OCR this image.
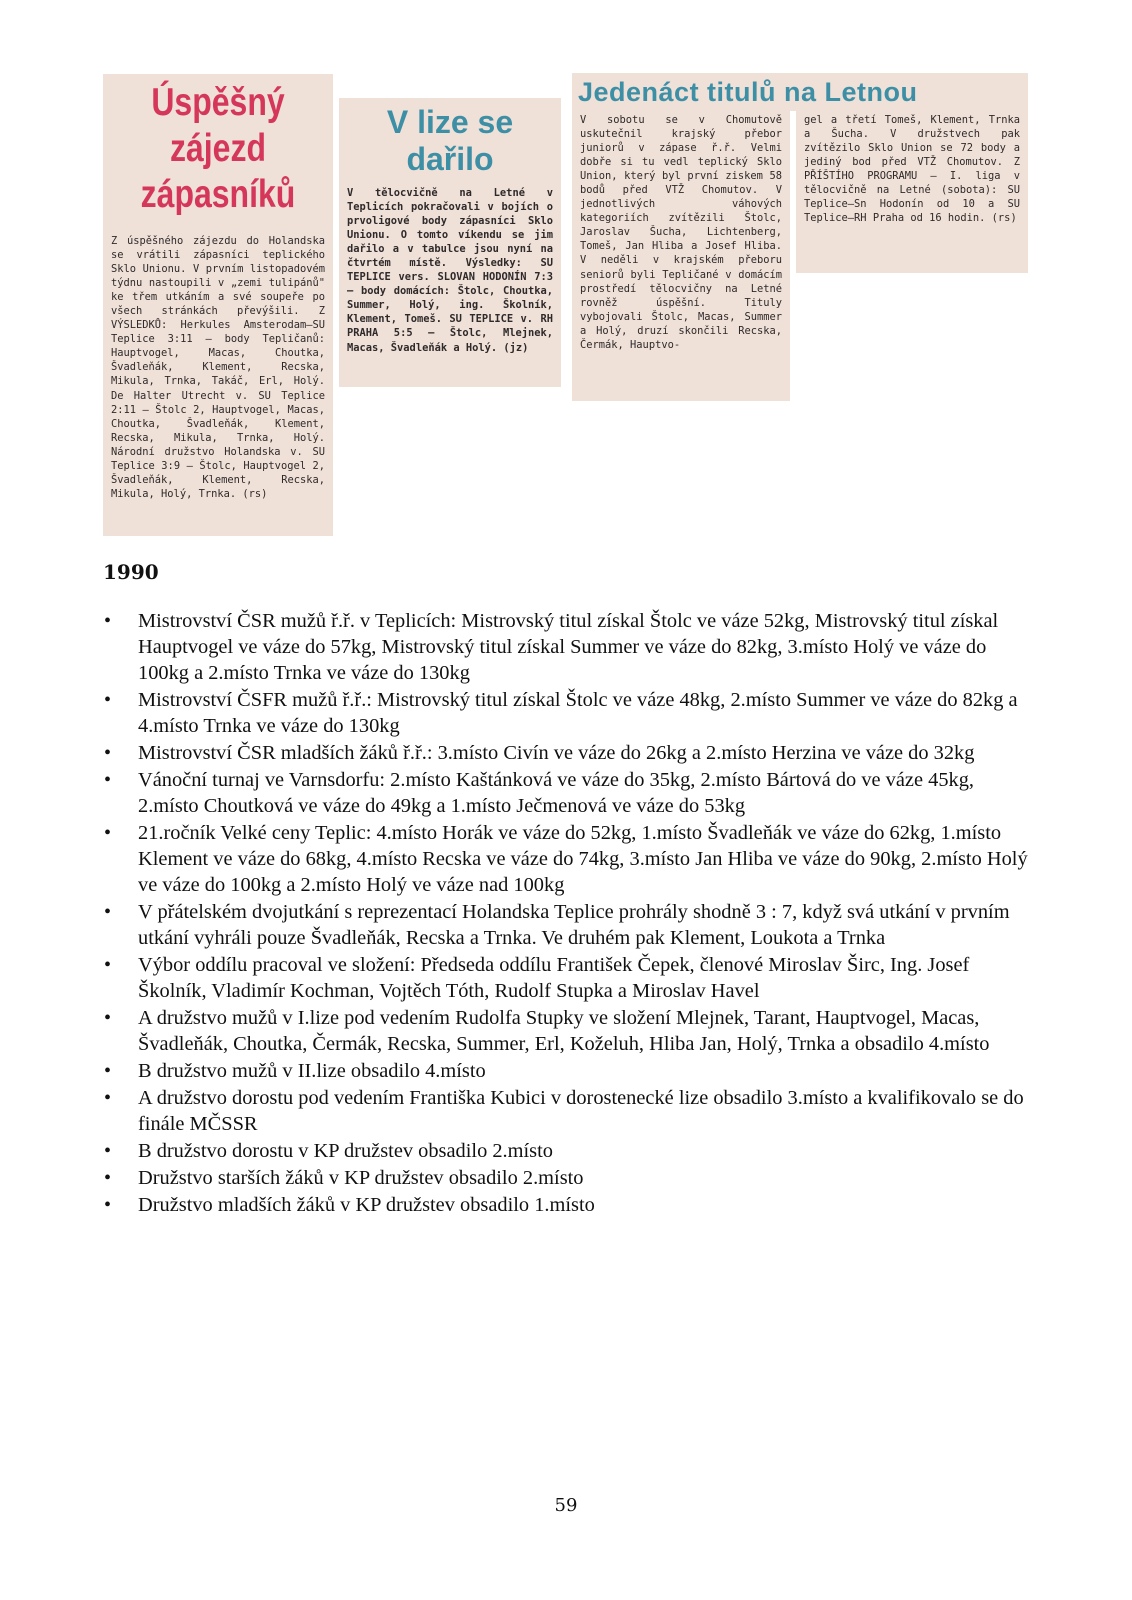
Úspěšný zájezd zápasníků

Z úspěšného zájezdu do Holandska se vrátili zápasníci teplického Sklo Unionu. V prvním listopadovém týdnu nastoupili v „zemi tulipánů" ke třem utkáním a své soupeře po všech stránkách převýšili. Z VÝSLEDKŮ: Herkules Amsterodam—SU Teplice 3:11 — body Tepličanů: Hauptvogel, Macas, Choutka, Švadleňák, Klement, Recska, Mikula, Trnka, Takáč, Erl, Holý. De Halter Utrecht v. SU Teplice 2:11 — Štolc 2, Hauptvogel, Macas, Choutka, Švadleňák, Klement, Recska, Mikula, Trnka, Holý. Národní družstvo Holandska v. SU Teplice 3:9 — Štolc, Hauptvogel 2, Švadleňák, Klement, Recska, Mikula, Holý, Trnka. (rs)

V lize se dařilo

V tělocvičně na Letné v Teplicích pokračovali v bojích o prvoligové body zápasníci Sklo Unionu. O tomto víkendu se jim dařilo a v tabulce jsou nyní na čtvrtém místě. Výsledky: SU TEPLICE vers. SLOVAN HODONÍN 7:3 — body domácích: Štolc, Choutka, Summer, Holý, ing. Školník, Klement, Tomeš. SU TEPLICE v. RH PRAHA 5:5 — Štolc, Mlejnek, Macas, Švadleňák a Holý. (jz)

Jedenáct titulů na Letnou

V sobotu se v Chomutově uskutečnil krajský přebor juniorů v zápase ř.ř. Velmi dobře si tu vedl teplický Sklo Union, který byl první ziskem 58 bodů před VTŽ Chomutov. V jednotlivých váhových kategoriích zvítězili Štolc, Jaroslav Šucha, Lichtenberg, Tomeš, Jan Hliba a Josef Hliba. V neděli v krajském přeboru seniorů byli Tepličané v domácím prostředí tělocvičny na Letné rovněž úspěšní. Tituly vybojovali Štolc, Macas, Summer a Holý, druzí skončili Recska, Čermák, Hauptvo-
gel a třetí Tomeš, Klement, Trnka a Šucha. V družstvech pak zvítězilo Sklo Union se 72 body a jediný bod před VTŽ Chomutov. Z PŘÍŠTÍHO PROGRAMU — I. liga v tělocvičně na Letné (sobota): SU Teplice—Sn Hodonín od 10 a SU Teplice—RH Praha od 16 hodin. (rs)
1990
• Mistrovství ČSR mužů ř.ř. v Teplicích: Mistrovský titul získal Štolc ve váze 52kg, Mistrovský titul získal Hauptvogel ve váze do 57kg, Mistrovský titul získal Summer ve váze do 82kg, 3.místo Holý ve váze do 100kg a 2.místo Trnka ve váze do 130kg
• Mistrovství ČSFR mužů ř.ř.: Mistrovský titul získal Štolc ve váze 48kg, 2.místo Summer ve váze do 82kg a 4.místo Trnka ve váze do 130kg
• Mistrovství ČSR mladších žáků ř.ř.: 3.místo Civín ve váze do 26kg a 2.místo Herzina ve váze do 32kg
• Vánoční turnaj ve Varnsdorfu: 2.místo Kaštánková ve váze do 35kg, 2.místo Bártová do ve váze 45kg, 2.místo Choutková ve váze do 49kg a 1.místo Ječmenová ve váze do 53kg
• 21.ročník Velké ceny Teplic: 4.místo Horák ve váze do 52kg, 1.místo Švadleňák ve váze do 62kg, 1.místo Klement ve váze do 68kg, 4.místo Recska ve váze do 74kg, 3.místo Jan Hliba ve váze do 90kg, 2.místo Holý ve váze do 100kg a 2.místo Holý ve váze nad 100kg
• V přátelském dvojutkání s reprezentací Holandska Teplice prohrály shodně 3 : 7, když svá utkání v prvním utkání vyhráli pouze Švadleňák, Recska a Trnka. Ve druhém pak Klement, Loukota a Trnka
• Výbor oddílu pracoval ve složení: Předseda oddílu František Čepek, členové Miroslav Širc, Ing. Josef Školník, Vladimír Kochman, Vojtěch Tóth, Rudolf Stupka a Miroslav Havel
• A družstvo mužů v I.lize pod vedením Rudolfa Stupky ve složení Mlejnek, Tarant, Hauptvogel, Macas, Švadleňák, Choutka, Čermák, Recska, Summer, Erl, Koželuh, Hliba Jan, Holý, Trnka a obsadilo 4.místo
• B družstvo mužů v II.lize obsadilo 4.místo
• A družstvo dorostu pod vedením Františka Kubici v dorostenecké lize obsadilo 3.místo a kvalifikovalo se do finále MČSSR
• B družstvo dorostu v KP družstev obsadilo 2.místo
• Družstvo starších žáků v KP družstev obsadilo 2.místo
• Družstvo mladších žáků v KP družstev obsadilo 1.místo
59
